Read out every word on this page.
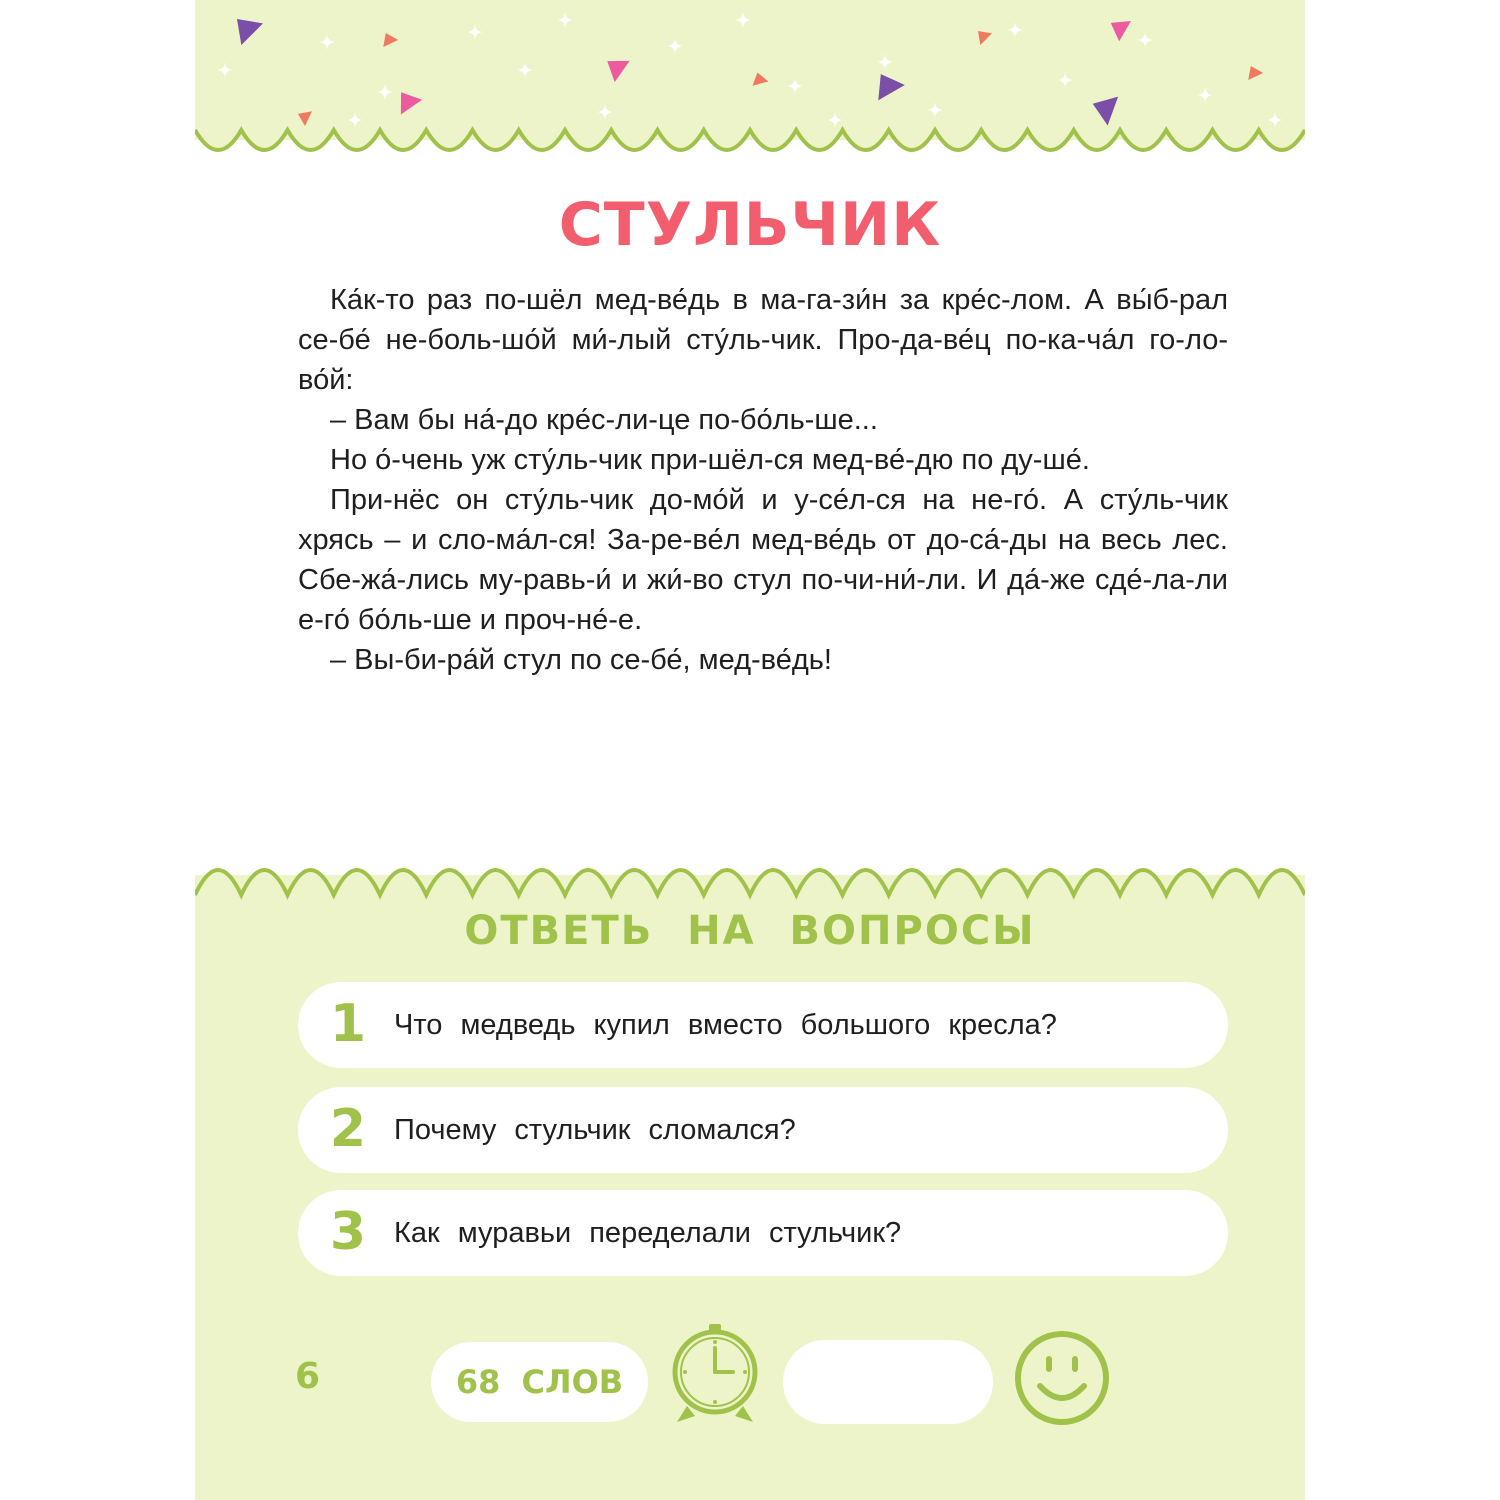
СТУЛЬЧИК

Ка́к-то раз по-шёл мед-ве́дь в ма-га-зи́н за кре́с-лом. А вы́б-рал се-бе́ не-боль-шо́й ми́-лый сту́ль-чик. Про-да-ве́ц по-ка-ча́л го-ло-во́й:

– Вам бы на́-до кре́с-ли-це по-бо́ль-ше...

Но о́-чень уж сту́ль-чик при-шёл-ся мед-ве́-дю по ду-ше́.

При-нёс он сту́ль-чик до-мо́й и у-се́л-ся на не-го́. А сту́ль-чик хрясь – и сло-ма́л-ся! За-ре-ве́л мед-ве́дь от до-са́-ды на весь лес. Сбе-жа́-лись му-равь-и́ и жи́-во стул по-чи-ни́-ли. И да́-же сде́-ла-ли е-го́ бо́ль-ше и проч-не́-е.

– Вы-би-ра́й стул по се-бе́, мед-ве́дь!

ОТВЕТЬ НА ВОПРОСЫ
1 Что медведь купил вместо большого кресла?
2 Почему стульчик сломался?
3 Как муравьи переделали стульчик?
6	68 СЛОВ
